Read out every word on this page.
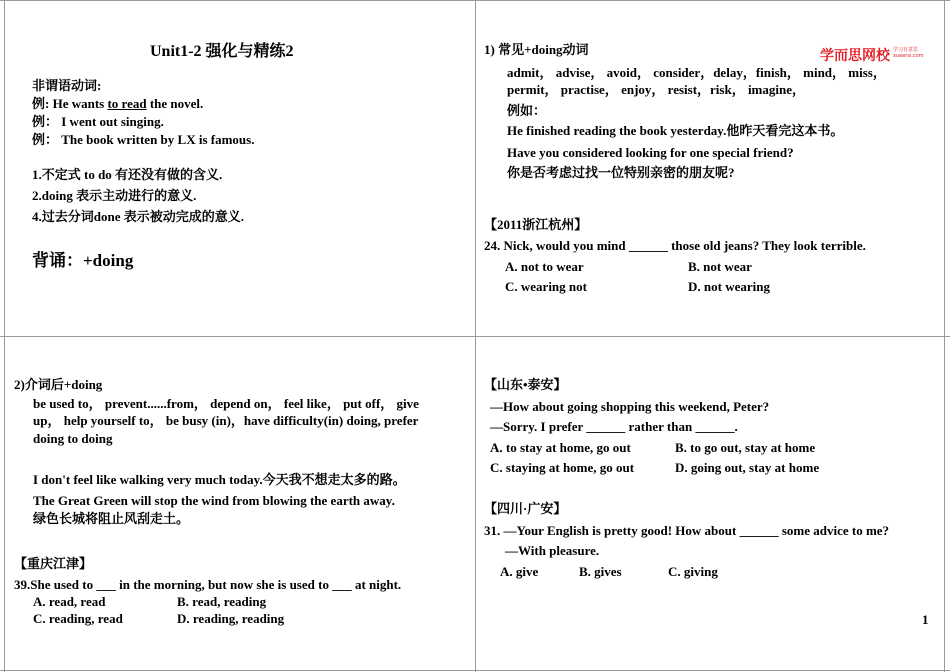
Unit1-2 强化与精练2
非谓语动词:
例: He wants to read the novel.
例： I went out singing.
例： The book written by LX is famous.
1.不定式 to do 有还没有做的含义.
2.doing 表示主动进行的意义.
4.过去分词done 表示被动完成的意义.
背诵：+doing
1) 常见+doing动词	学而思网校 学习有意思
xueersi.com
admit， advise， avoid， consider，delay，finish， mind， miss，
permit， practise， enjoy， resist，risk， imagine，
例如：
He finished reading the book yesterday.他昨天看完这本书。
Have you considered looking for one special friend?
你是否考虑过找一位特别亲密的朋友呢?
【2011浙江杭州】
24. Nick, would you mind ______ those old jeans? They look terrible.
A. not to wear	B. not wear
C. wearing not	D. not wearing
2)介词后+doing
be used to， prevent......from， depend on， feel like， put off， give
up， help yourself to， be busy (in)，have difficulty(in) doing, prefer
doing to doing
I don't feel like walking very much today.今天我不想走太多的路。
The Great Green will stop the wind from blowing the earth away.
绿色长城将阻止风刮走土。
【重庆江津】
39.She used to ___ in the morning, but now she is used to ___ at night.
A. read, read	B. read, reading
C. reading, read	D. reading, reading
【山东•泰安】
—How about going shopping this weekend, Peter?
—Sorry. I prefer ______ rather than ______.
A. to stay at home, go out	B. to go out, stay at home
C. staying at home, go out	D. going out, stay at home
【四川·广安】
31. —Your English is pretty good! How about ______ some advice to me?
—With pleasure.
A. give	B. gives	C. giving
1
